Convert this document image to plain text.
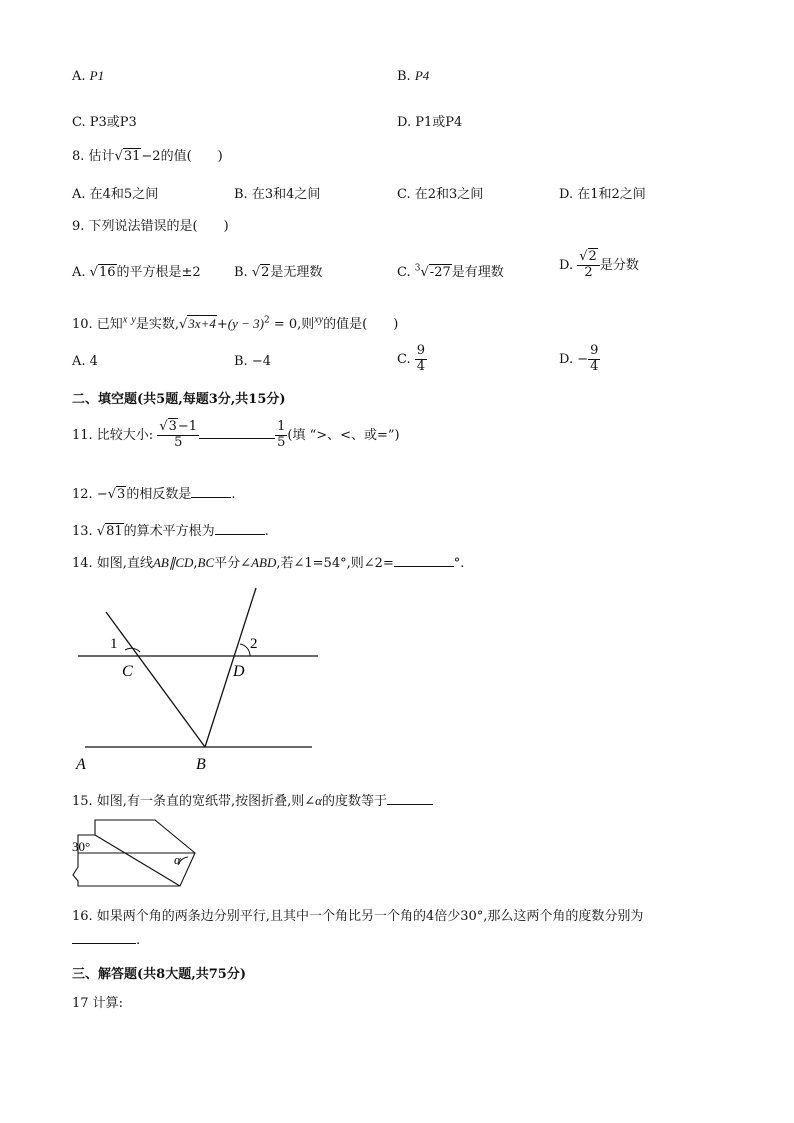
A. P1	B. P4
C. P3或P3	D. P1或P4
8. 估计√31−2的值(　　)
A. 在4和5之间	B. 在3和4之间	C. 在2和3之间	D. 在1和2之间
9. 下列说法错误的是(　　)
A. √16的平方根是±2	B. √2是无理数	C. $^3$√-27是有理数	D. $\frac{√2}{2}$ 是分数
10. 已知$^x$ $^y$是实数$,√3x+4+(y - 3)^2 = 0$,则$^{xy}$的值是(　　)
A. 4	B. −4	C. $\frac{9}{4}$	D. − $\frac{9}{4}$
二、填空题(共5题,每题3分,共15分)
11. 比较大小: $\frac{√3-1}{5}$	$\frac{1}{5}$ (填 “>、<、或=”)
12. −√3的相反数是	.
13. √81的算术平方根为	.
14. 如图,直线AB∥CD,BC平分∠ABD,若∠1=54°,则∠2=	°.
1	2
C	D
A	B
15. 如图,有一条直的宽纸带,按图折叠,则∠α的度数等于
30°
α
16. 如果两个角的两条边分别平行,且其中一个角比另一个角的4倍少30°,那么这两个角的度数分别为
.
三、解答题(共8大题,共75分)
17 计算:
